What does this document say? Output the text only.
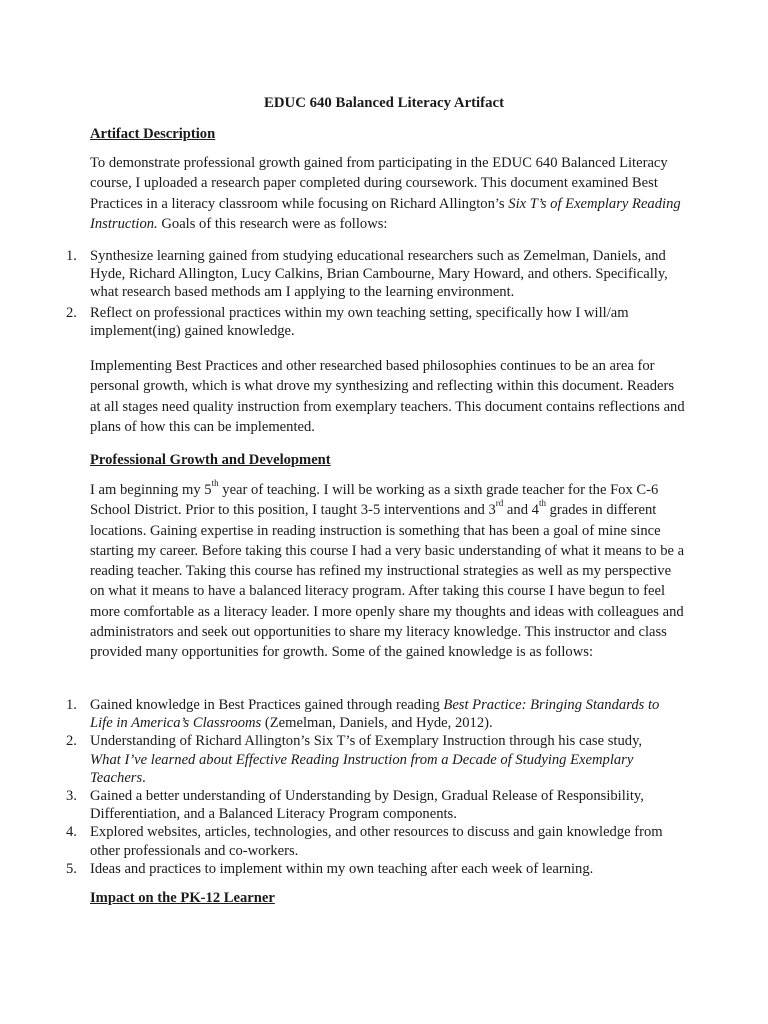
EDUC 640 Balanced Literacy Artifact
Artifact Description
To demonstrate professional growth gained from participating in the EDUC 640 Balanced Literacy course, I uploaded a research paper completed during coursework. This document examined Best Practices in a literacy classroom while focusing on Richard Allington’s Six T’s of Exemplary Reading Instruction. Goals of this research were as follows:
1. Synthesize learning gained from studying educational researchers such as Zemelman, Daniels, and Hyde, Richard Allington, Lucy Calkins, Brian Cambourne, Mary Howard, and others. Specifically, what research based methods am I applying to the learning environment.
2. Reflect on professional practices within my own teaching setting, specifically how I will/am implement(ing) gained knowledge.
Implementing Best Practices and other researched based philosophies continues to be an area for personal growth, which is what drove my synthesizing and reflecting within this document. Readers at all stages need quality instruction from exemplary teachers. This document contains reflections and plans of how this can be implemented.
Professional Growth and Development
I am beginning my 5th year of teaching. I will be working as a sixth grade teacher for the Fox C-6 School District. Prior to this position, I taught 3-5 interventions and 3rd and 4th grades in different locations. Gaining expertise in reading instruction is something that has been a goal of mine since starting my career. Before taking this course I had a very basic understanding of what it means to be a reading teacher. Taking this course has refined my instructional strategies as well as my perspective on what it means to have a balanced literacy program. After taking this course I have begun to feel more comfortable as a literacy leader. I more openly share my thoughts and ideas with colleagues and administrators and seek out opportunities to share my literacy knowledge. This instructor and class provided many opportunities for growth. Some of the gained knowledge is as follows:
1. Gained knowledge in Best Practices gained through reading Best Practice: Bringing Standards to Life in America’s Classrooms (Zemelman, Daniels, and Hyde, 2012).
2. Understanding of Richard Allington’s Six T’s of Exemplary Instruction through his case study, What I’ve learned about Effective Reading Instruction from a Decade of Studying Exemplary Teachers.
3. Gained a better understanding of Understanding by Design, Gradual Release of Responsibility, Differentiation, and a Balanced Literacy Program components.
4. Explored websites, articles, technologies, and other resources to discuss and gain knowledge from other professionals and co-workers.
5. Ideas and practices to implement within my own teaching after each week of learning.
Impact on the PK-12 Learner
